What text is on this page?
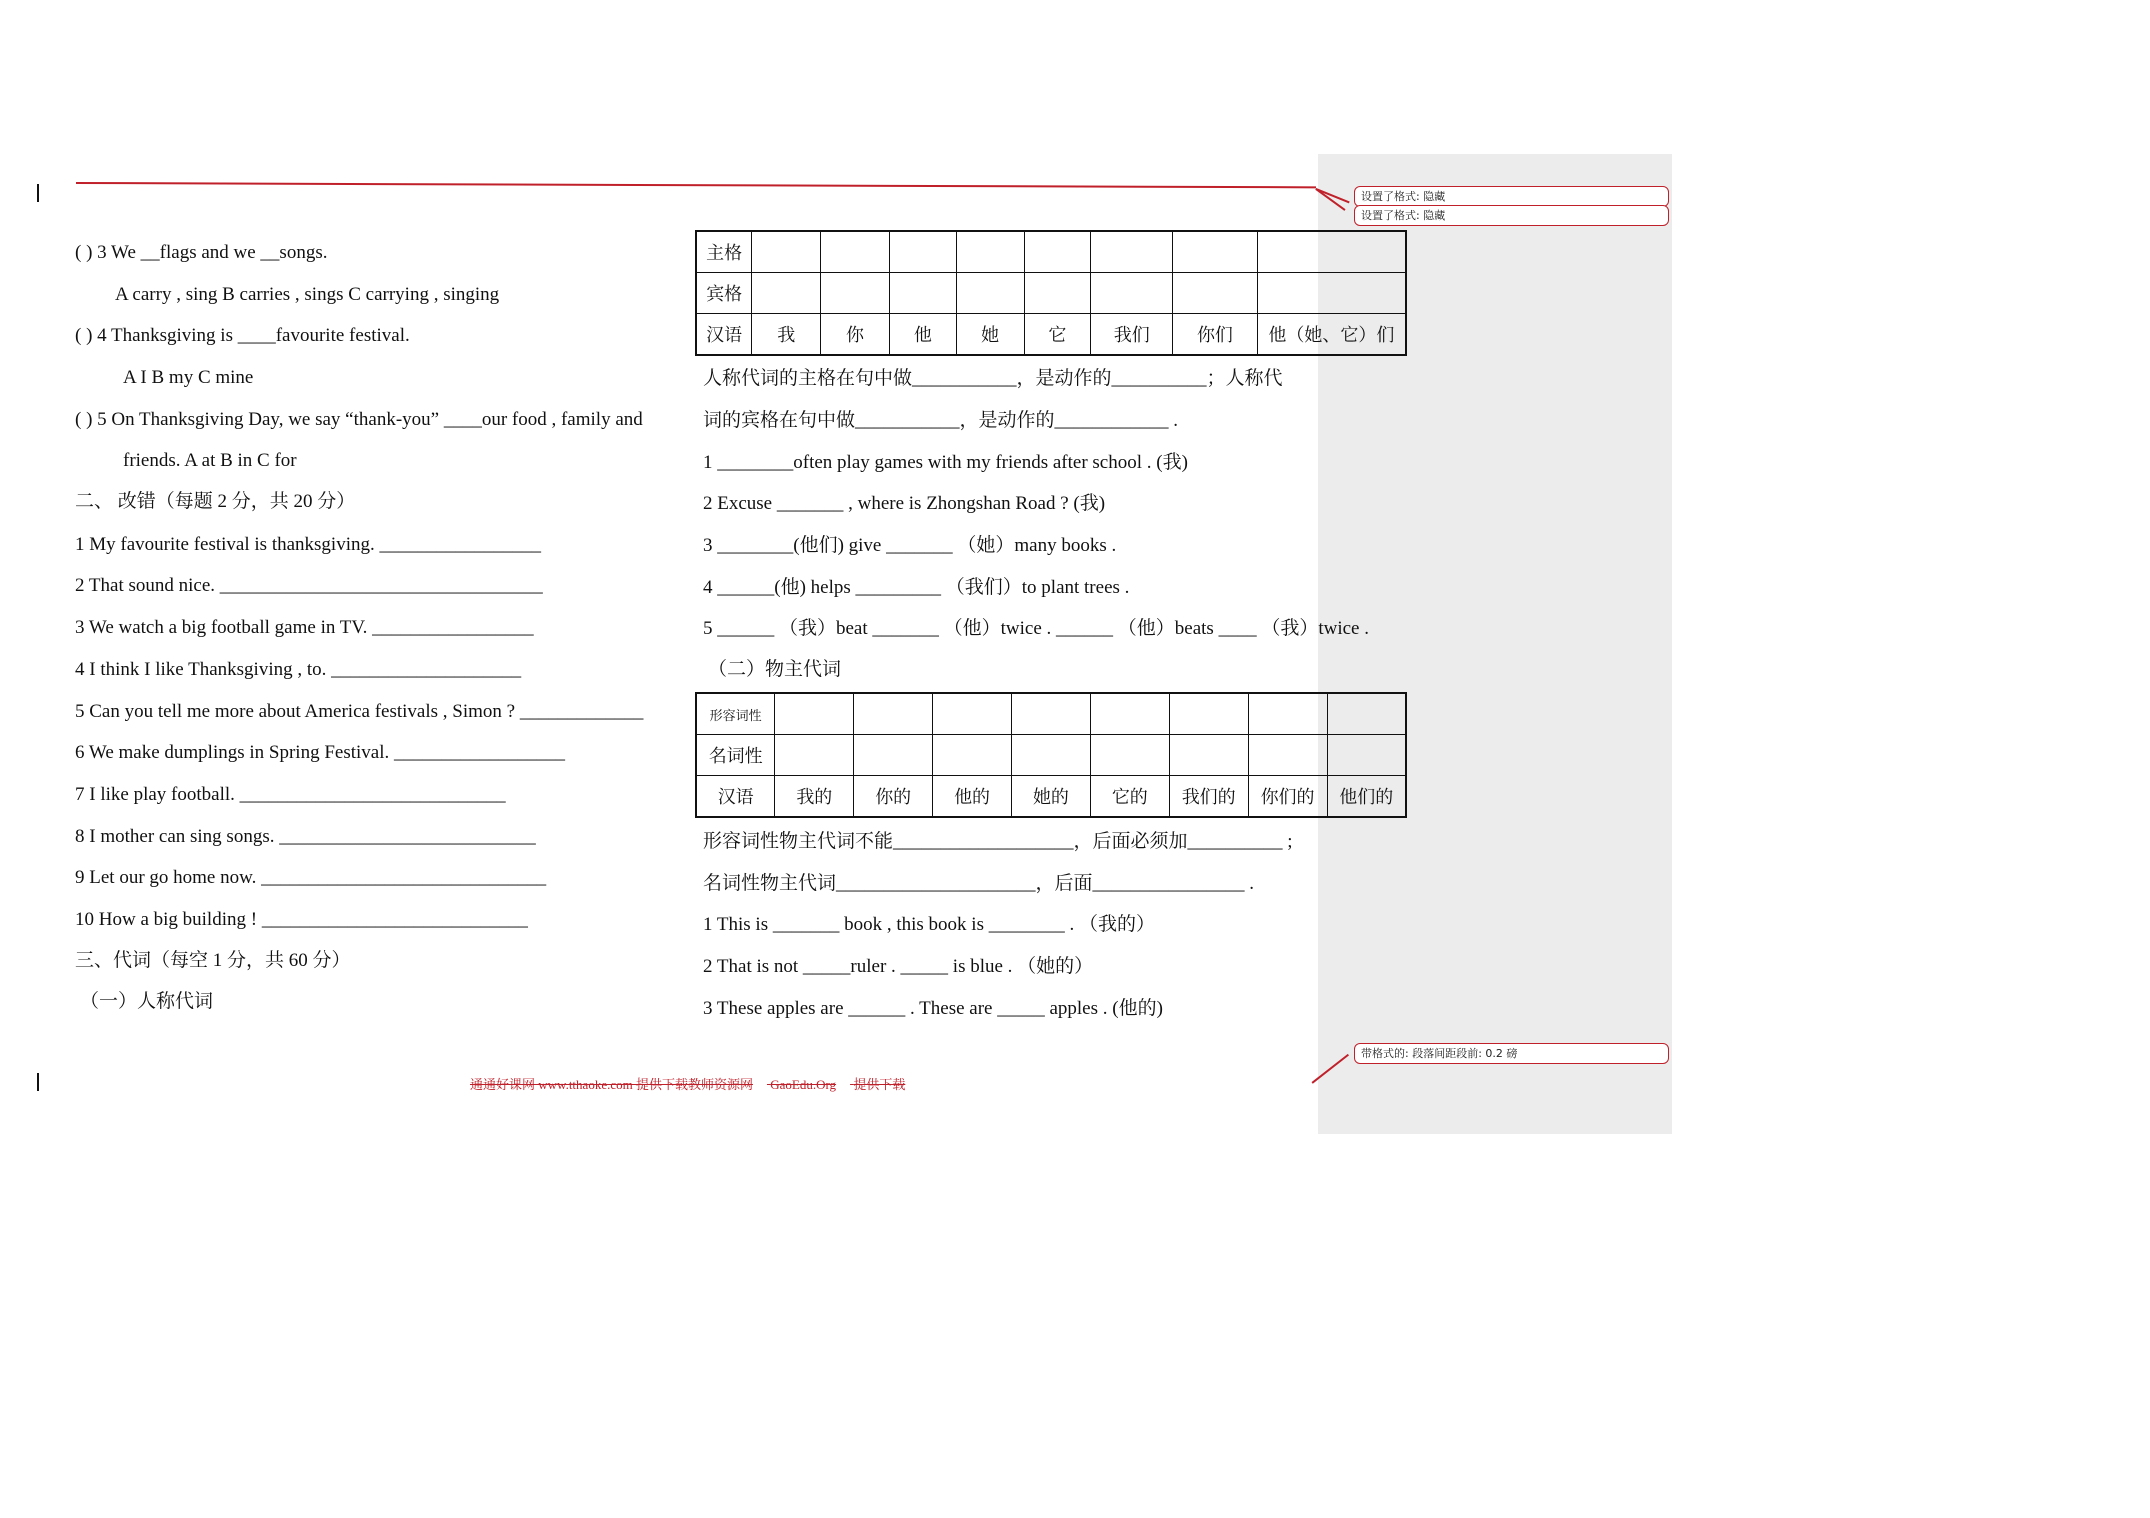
设置了格式: 隐藏
设置了格式: 隐藏
带格式的: 段落间距段前: 0.2 磅
( ) 3 We __flags and we __songs.
A carry , sing B carries , sings C carrying , singing
( ) 4 Thanksgiving is ____favourite festival.
A I B my C mine
( ) 5 On Thanksgiving Day, we say “thank-you” ____our food , family and
friends. A at B in C for
二、 改错（每题 2 分，共 20 分）
1 My favourite festival is thanksgiving. _________________
2 That sound nice. __________________________________
3 We watch a big football game in TV. _________________
4 I think I like Thanksgiving , to. ____________________
5 Can you tell me more about America festivals , Simon ? _____________
6 We make dumplings in Spring Festival. __________________
7 I like play football. ____________________________
8 I mother can sing songs. ___________________________
9 Let our go home now. ______________________________
10 How a big building ! ____________________________
三、代词（每空 1 分，共 60 分）
（一）人称代词
主格								
宾格								
汉语	我	你	他	她	它	我们	你们	他（她、它）们
人称代词的主格在句中做___________，是动作的__________；人称代
词的宾格在句中做___________，是动作的____________ .
1 ________often play games with my friends after school . (我)
2 Excuse _______ , where is Zhongshan Road ? (我)
3 ________(他们) give _______ （她）many books .
4 ______(他) helps _________ （我们）to plant trees .
5 ______ （我）beat _______ （他）twice . ______ （他）beats ____ （我）twice .
（二）物主代词
形容词性								
名词性								
汉语	我的	你的	他的	她的	它的	我们的	你们的	他们的
形容词性物主代词不能___________________，后面必须加__________ ;
名词性物主代词_____________________，后面________________ .
1 This is _______ book , this book is ________ . （我的）
2 That is not _____ruler . _____ is blue . （她的）
3 These apples are ______ . These are _____ apples . (他的)
通通好课网 www.tthaoke.com 提供下载教师资源网 GaoEdu.Org 提供下载
